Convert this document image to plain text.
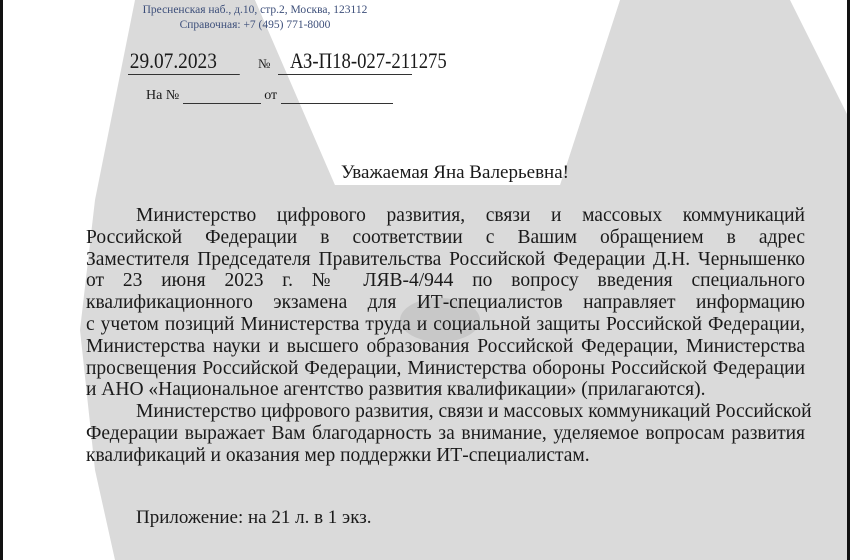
Пресненская наб., д.10, стр.2, Москва, 123112
Справочная: +7 (495) 771-8000
29.07.2023	№ АЗ-П18-027-211275
На №	от
Уважаемая Яна Валерьевна!
Министерство цифрового развития, связи и массовых коммуникаций
Российской Федерации в соответствии с Вашим обращением в адрес
Заместителя Председателя Правительства Российской Федерации Д.Н. Чернышенко
от 23 июня 2023 г. № ЛЯВ-4/944 по вопросу введения специального
квалификационного экзамена для ИТ-специалистов направляет информацию
с учетом позиций Министерства труда и социальной защиты Российской Федерации,
Министерства науки и высшего образования Российской Федерации, Министерства
просвещения Российской Федерации, Министерства обороны Российской Федерации
и АНО «Национальное агентство развития квалификации» (прилагаются).
Министерство цифрового развития, связи и массовых коммуникаций Российской
Федерации выражает Вам благодарность за внимание, уделяемое вопросам развития
квалификаций и оказания мер поддержки ИТ-специалистам.
Приложение: на 21 л. в 1 экз.
